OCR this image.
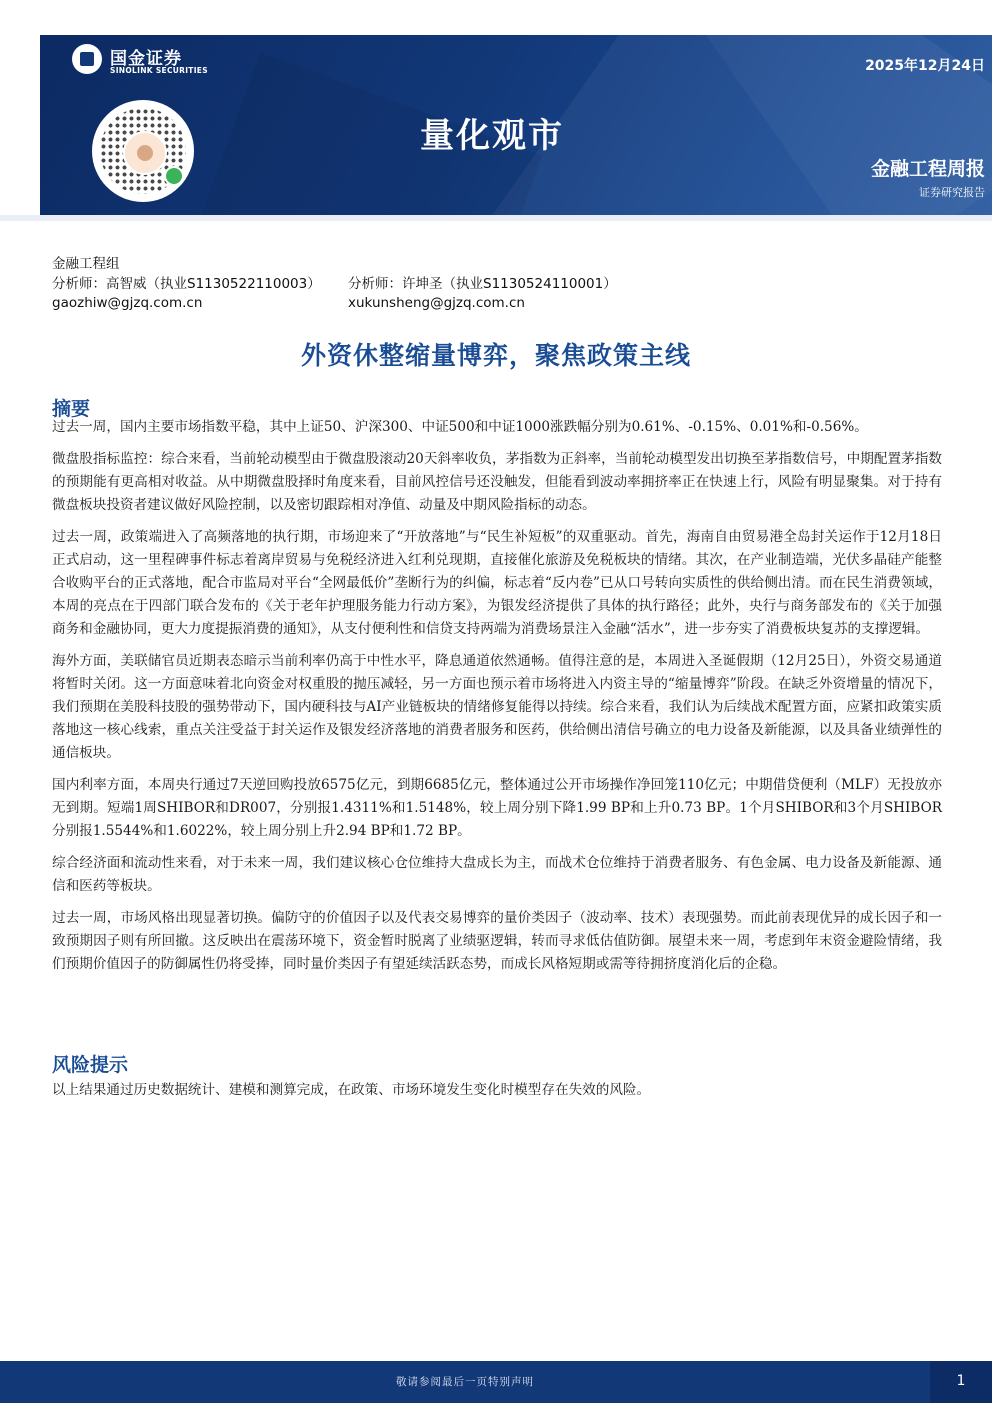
国金证券
SINOLINK SECURITIES	2025年12月24日
量化观市
金融工程周报
证券研究报告
金融工程组
分析师：高智威（执业S1130522110003）
gaozhiw@gjzq.com.cn
分析师：许坤圣（执业S1130524110001）
xukunsheng@gjzq.com.cn
外资休整缩量博弈，聚焦政策主线
摘要

过去一周，国内主要市场指数平稳，其中上证50、沪深300、中证500和中证1000涨跌幅分别为0.61%、-0.15%、0.01%和-0.56%。

微盘股指标监控：综合来看，当前轮动模型由于微盘股滚动20天斜率收负，茅指数为正斜率，当前轮动模型发出切换至茅指数信号，中期配置茅指数的预期能有更高相对收益。从中期微盘股择时角度来看，目前风控信号还没触发，但能看到波动率拥挤率正在快速上行，风险有明显聚集。对于持有微盘板块投资者建议做好风险控制，以及密切跟踪相对净值、动量及中期风险指标的动态。

过去一周，政策端进入了高频落地的执行期，市场迎来了“开放落地”与“民生补短板”的双重驱动。首先，海南自由贸易港全岛封关运作于12月18日正式启动，这一里程碑事件标志着离岸贸易与免税经济进入红利兑现期，直接催化旅游及免税板块的情绪。其次，在产业制造端，光伏多晶硅产能整合收购平台的正式落地，配合市监局对平台“全网最低价”垄断行为的纠偏，标志着“反内卷”已从口号转向实质性的供给侧出清。而在民生消费领域，本周的亮点在于四部门联合发布的《关于老年护理服务能力行动方案》，为银发经济提供了具体的执行路径；此外，央行与商务部发布的《关于加强商务和金融协同，更大力度提振消费的通知》，从支付便利性和信贷支持两端为消费场景注入金融“活水”，进一步夯实了消费板块复苏的支撑逻辑。

海外方面，美联储官员近期表态暗示当前利率仍高于中性水平，降息通道依然通畅。值得注意的是，本周进入圣诞假期（12月25日），外资交易通道将暂时关闭。这一方面意味着北向资金对权重股的抛压减轻，另一方面也预示着市场将进入内资主导的“缩量博弈”阶段。在缺乏外资增量的情况下，我们预期在美股科技股的强势带动下，国内硬科技与AI产业链板块的情绪修复能得以持续。综合来看，我们认为后续战术配置方面，应紧扣政策实质落地这一核心线索，重点关注受益于封关运作及银发经济落地的消费者服务和医药，供给侧出清信号确立的电力设备及新能源，以及具备业绩弹性的通信板块。

国内利率方面，本周央行通过7天逆回购投放6575亿元，到期6685亿元，整体通过公开市场操作净回笼110亿元；中期借贷便利（MLF）无投放亦无到期。短端1周SHIBOR和DR007，分别报1.4311%和1.5148%，较上周分别下降1.99 BP和上升0.73 BP。1个月SHIBOR和3个月SHIBOR分别报1.5544%和1.6022%，较上周分别上升2.94 BP和1.72 BP。

综合经济面和流动性来看，对于未来一周，我们建议核心仓位维持大盘成长为主，而战术仓位维持于消费者服务、有色金属、电力设备及新能源、通信和医药等板块。

过去一周，市场风格出现显著切换。偏防守的价值因子以及代表交易博弈的量价类因子（波动率、技术）表现强势。而此前表现优异的成长因子和一致预期因子则有所回撤。这反映出在震荡环境下，资金暂时脱离了业绩驱逻辑，转而寻求低估值防御。展望未来一周，考虑到年末资金避险情绪，我们预期价值因子的防御属性仍将受捧，同时量价类因子有望延续活跃态势，而成长风格短期或需等待拥挤度消化后的企稳。

风险提示

以上结果通过历史数据统计、建模和测算完成，在政策、市场环境发生变化时模型存在失效的风险。

敬请参阅最后一页特别声明	1
